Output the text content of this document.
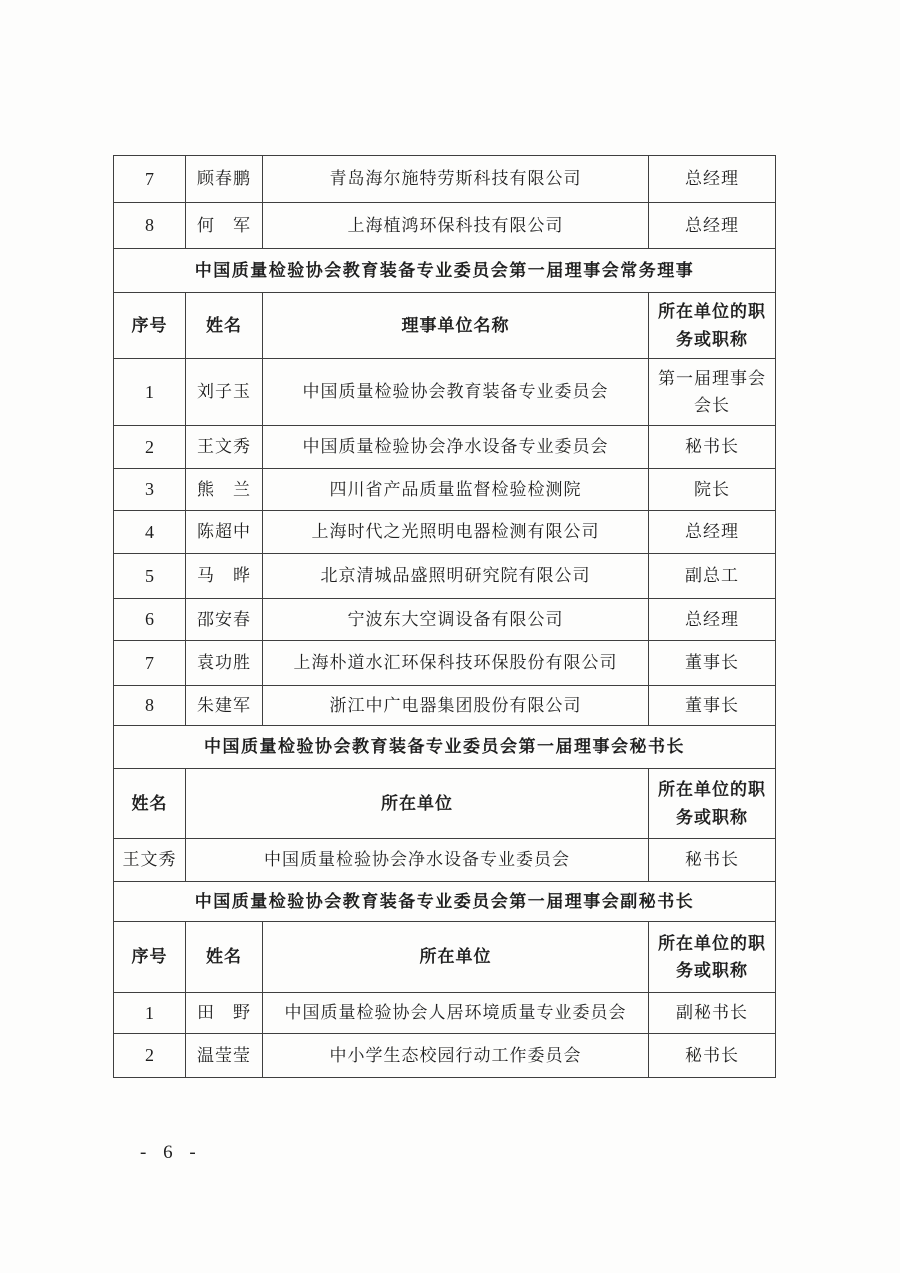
7	顾春鹏	青岛海尔施特劳斯科技有限公司	总经理
8	何　军	上海植鸿环保科技有限公司	总经理
中国质量检验协会教育装备专业委员会第一届理事会常务理事			
序号	姓名	理事单位名称	所在单位的职务或职称
1	刘子玉	中国质量检验协会教育装备专业委员会	第一届理事会会长
2	王文秀	中国质量检验协会净水设备专业委员会	秘书长
3	熊　兰	四川省产品质量监督检验检测院	院长
4	陈超中	上海时代之光照明电器检测有限公司	总经理
5	马　晔	北京清城品盛照明研究院有限公司	副总工
6	邵安春	宁波东大空调设备有限公司	总经理
7	袁功胜	上海朴道水汇环保科技环保股份有限公司	董事长
8	朱建军	浙江中广电器集团股份有限公司	董事长
中国质量检验协会教育装备专业委员会第一届理事会秘书长			
姓名	所在单位		所在单位的职务或职称
王文秀	中国质量检验协会净水设备专业委员会		秘书长
中国质量检验协会教育装备专业委员会第一届理事会副秘书长			
序号	姓名	所在单位	所在单位的职务或职称
1	田　野	中国质量检验协会人居环境质量专业委员会	副秘书长
2	温莹莹	中小学生态校园行动工作委员会	秘书长
- 6 -
